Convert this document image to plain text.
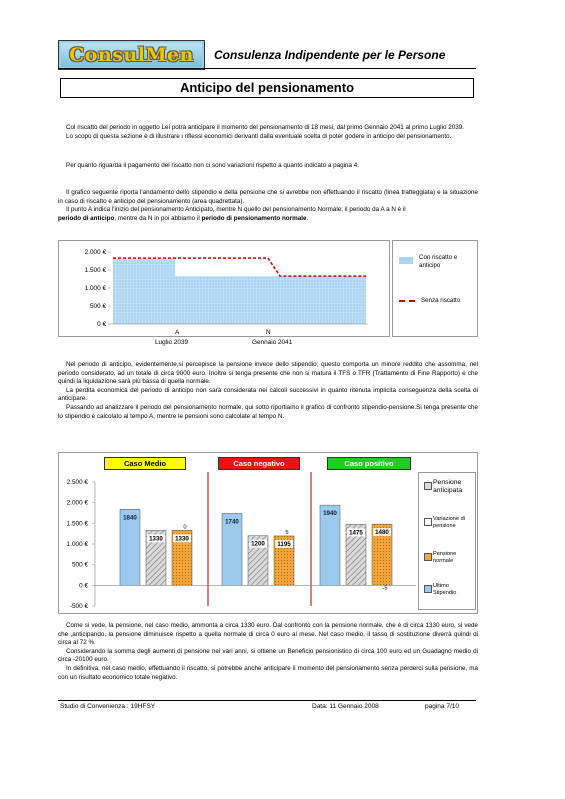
ConsulMen Consulenza Indipendente per le Persone
Anticipo del pensionamento

Col riscatto del periodo in oggetto Lei potrà anticipare il momento del pensionamento di 18 mesi, dal primo Gennaio 2041 al primo Luglio 2039.

Lo scopo di questa sezione è di illustrare i riflessi economici derivanti dalla eventuale scelta di poter godere in anticipo del pensionamento.

Per quanto riguarda il pagamento del riscatto non ci sono variazioni rispetto a quanto indicato a pagina 4.

Il grafico seguente riporta l'andamento dello stipendio e della pensione che si avrebbe non effettuando il riscatto (linea tratteggiata) e la situazione in caso di riscatto e anticipo del pensionamento (area quadrettata).

Il punto A indica l'inizio del pensionamento Anticipato, mentre N quello del pensionamento Normale; il periodo da A a N è il
periodo di anticipo, mentre da N in poi abbiamo il periodo di pensionamento normale.

2.000 €
1.500 €
1.000 €
500 €
0 €
A
Luglio 2039
N
Gennaio 2041
Con riscatto e anticipo
Senza riscatto

Nel periodo di anticipo, evidentemente,si percepisce la pensione invece dello stipendio; questo comporta un minore reddito che assomma, nel periodo considerato, ad un totale di circa 9000 euro. Inoltre si tenga presente che non si matura il TFS o TFR (Trattamento di Fine Rapporto) e che quindi la liquidazione sarà più bassa di quella normale.

La perdita economica del periodo di anticipo non sarà considerata nei calcoli successivi in quanto ritenuta implicita conseguenza della scelta di anticipare.

Passando ad analizzare il periodo del pensionamento normale, qui sotto riportiamo il grafico di confronto stipendio-pensione.Si tenga presente che lo stipendio è calcolato al tempo A, mentre le pensioni sono calcolate al tempo N.

Caso Medio	Caso negativo	Caso positivo
2.500 €
2.000 €
1.500 €
1.000 €
500 €
0 €
-500 €
1840
1330 1330
0
1740
1200 1195
5
1940
1475 1480
-5
Pensione anticipata
Variazione di pensione
Pensione normale
Ultimo Stipendio

Come si vede, la pensione, nel caso medio, ammonta a circa 1330 euro. Dal confronto con la pensione normale, che è di circa 1330 euro, si vede che ,anticipando, la pensione diminuisce rispetto a quella normale di circa 0 euro al mese. Nel caso medio, il tasso di sostituzione diverrà quindi di circa al 72 %.

Considerando la somma degli aumenti di pensione nei vari anni, si ottiene un Beneficio pensionistico di circa 100 euro ed un Guadagno medio di circa -20100 euro.

In definitiva, nel caso medio, effettuando il riscatto, si potrebbe anche anticipare il momento del pensionamento senza perderci sulla pensione, ma con un risultato economico totale negativo.

Studio di Convenienza : 19HFSY	Data: 11 Gennaio 2008	pagina 7/10
